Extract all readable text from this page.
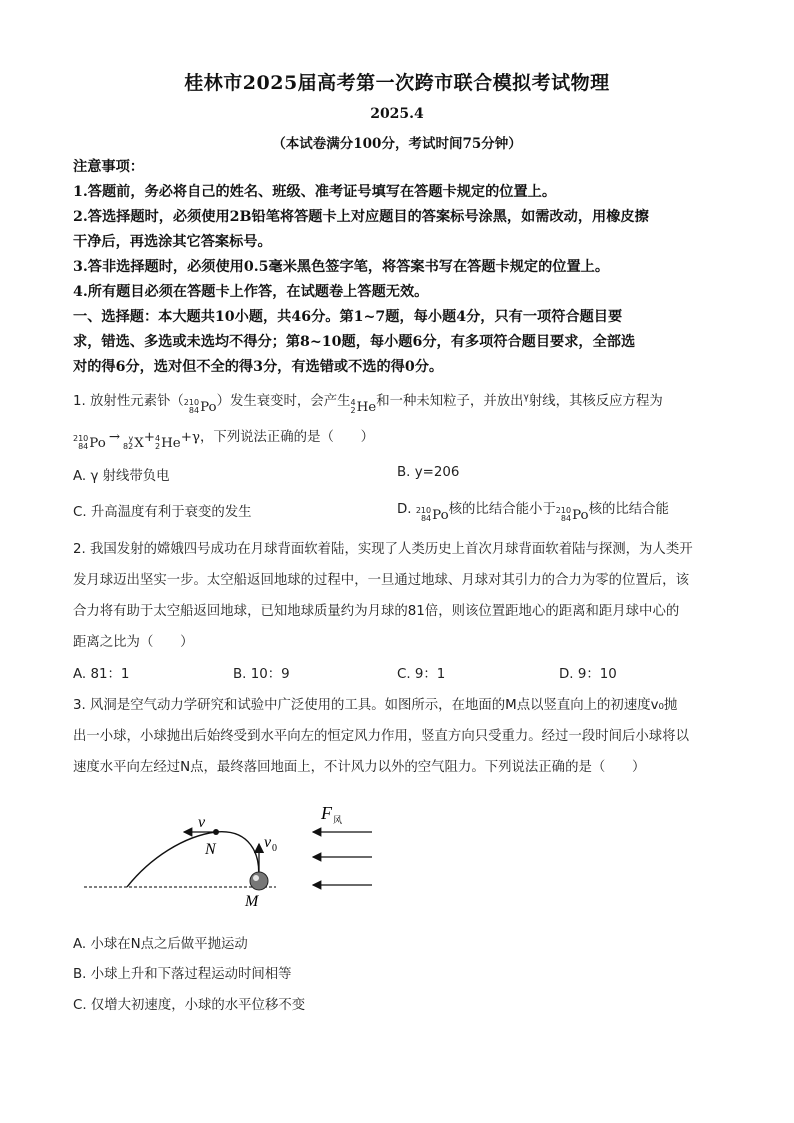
桂林市2025届高考第一次跨市联合模拟考试物理
2025.4
（本试卷满分100分，考试时间75分钟）
注意事项：
1.答题前，务必将自己的姓名、班级、准考证号填写在答题卡规定的位置上。
2.答选择题时，必须使用2B铅笔将答题卡上对应题目的答案标号涂黑，如需改动，用橡皮擦
干净后，再选涂其它答案标号。
3.答非选择题时，必须使用0.5毫米黑色签字笔，将答案书写在答题卡规定的位置上。
4.所有题目必须在答题卡上作答，在试题卷上答题无效。
一、选择题：本大题共10小题，共46分。第1~7题，每小题4分，只有一项符合题目要
求，错选、多选或未选均不得分；第8~10题，每小题6分，有多项符合题目要求，全部选
对的得6分，选对但不全的得3分，有选错或不选的得0分。
1. 放射性元素钋（ 210
84 Po ）发生衰变时，会产生 4
2 He 和一种未知粒子，并放出$^\gamma$射线，其核反应方程为
210
84 Po →	y
82 X + 4
2 He +γ，下列说法正确的是（　　）
A. γ 射线带负电	B. y=206
C. 升高温度有利于衰变的发生	D. 210
84 Po 核的比结合能小于 210
84 Po 核的比结合能
2. 我国发射的嫦娥四号成功在月球背面软着陆，实现了人类历史上首次月球背面软着陆与探测，为人类开
发月球迈出坚实一步。太空船返回地球的过程中，一旦通过地球、月球对其引力的合力为零的位置后，该
合力将有助于太空船返回地球，已知地球质量约为月球的81倍，则该位置距地心的距离和距月球中心的
距离之比为（　　）
A. 81：1	B. 10：9	C. 9：1	D. 9：10
3. 风洞是空气动力学研究和试验中广泛使用的工具。如图所示，在地面的M点以竖直向上的初速度v₀抛
出一小球，小球抛出后始终受到水平向左的恒定风力作用，竖直方向只受重力。经过一段时间后小球将以
速度水平向左经过N点，最终落回地面上，不计风力以外的空气阻力。下列说法正确的是（　　）
v
N	v 0
F 风
M
A. 小球在N点之后做平抛运动
B. 小球上升和下落过程运动时间相等
C. 仅增大初速度，小球的水平位移不变
